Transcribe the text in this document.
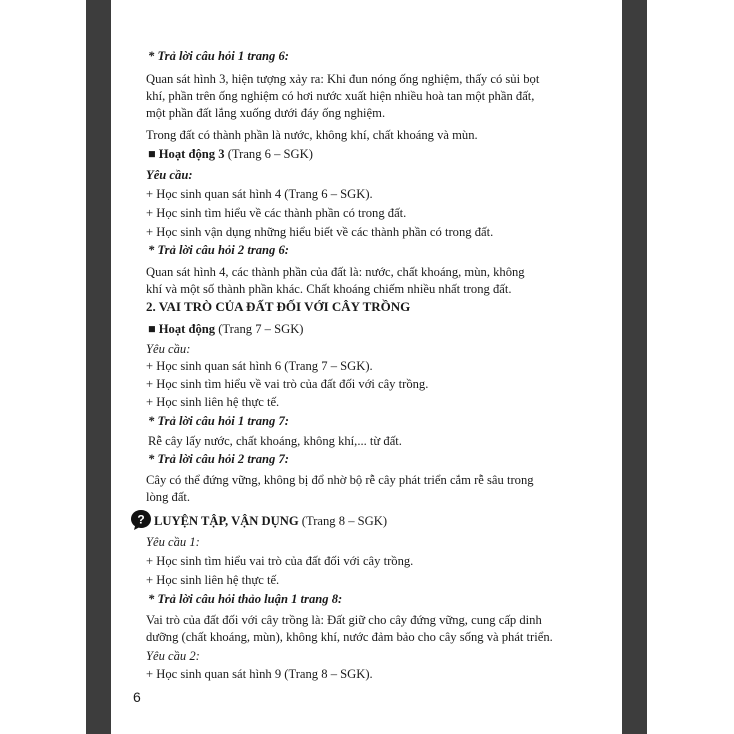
* Trả lời câu hỏi 1 trang 6:
Quan sát hình 3, hiện tượng xảy ra: Khi đun nóng ống nghiệm, thấy có sủi bọt
khí, phần trên ống nghiệm có hơi nước xuất hiện nhiều hoà tan một phần đất,
một phần đất lắng xuống dưới đáy ống nghiệm.
Trong đất có thành phần là nước, không khí, chất khoáng và mùn.
■ Hoạt động 3 (Trang 6 – SGK)
Yêu cầu:
+ Học sinh quan sát hình 4 (Trang 6 – SGK).
+ Học sinh tìm hiểu về các thành phần có trong đất.
+ Học sinh vận dụng những hiểu biết về các thành phần có trong đất.
* Trả lời câu hỏi 2 trang 6:
Quan sát hình 4, các thành phần của đất là: nước, chất khoáng, mùn, không
khí và một số thành phần khác. Chất khoáng chiếm nhiều nhất trong đất.
2. VAI TRÒ CỦA ĐẤT ĐỐI VỚI CÂY TRỒNG
■ Hoạt động (Trang 7 – SGK)
Yêu cầu:
+ Học sinh quan sát hình 6 (Trang 7 – SGK).
+ Học sinh tìm hiểu về vai trò của đất đối với cây trồng.
+ Học sinh liên hệ thực tế.
* Trả lời câu hỏi 1 trang 7:
Rễ cây lấy nước, chất khoáng, không khí,... từ đất.
* Trả lời câu hỏi 2 trang 7:
Cây có thể đứng vững, không bị đổ nhờ bộ rễ cây phát triển cắm rễ sâu trong
lòng đất.
? LUYỆN TẬP, VẬN DỤNG (Trang 8 – SGK)
Yêu cầu 1:
+ Học sinh tìm hiểu vai trò của đất đối với cây trồng.
+ Học sinh liên hệ thực tế.
* Trả lời câu hỏi thảo luận 1 trang 8:
Vai trò của đất đối với cây trồng là: Đất giữ cho cây đứng vững, cung cấp dinh
dưỡng (chất khoáng, mùn), không khí, nước đảm bảo cho cây sống và phát triển.
Yêu cầu 2:
+ Học sinh quan sát hình 9 (Trang 8 – SGK).
6
